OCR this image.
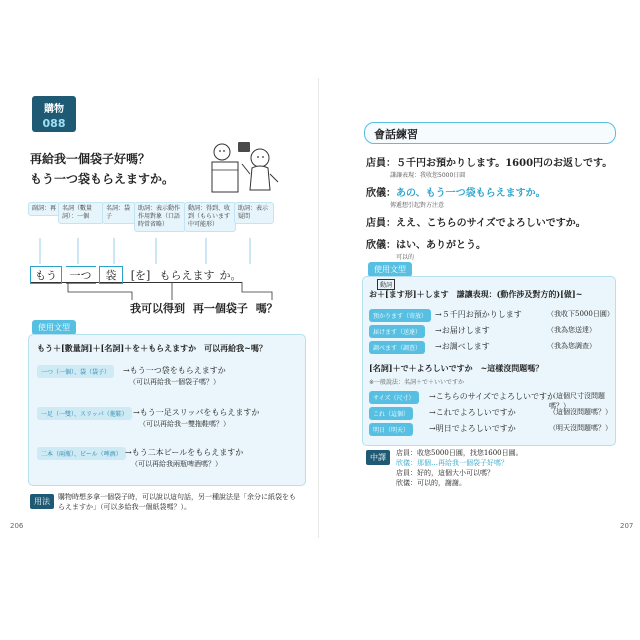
購物
088
再給我一個袋子好嗎？
もう一つ袋もらえますか。
副詞：再 名詞（數量詞）：一個
名詞：袋子
助詞：表示動作作用對象（口語時常省略）
動詞：得到、收到（もらいます中可能形）
助詞：表示疑問
もう 一つ 袋 [を] もらえます か。
我可以得到 再一個袋子 嗎？
使用文型
もう＋[數量詞]＋[名詞]＋を＋もらえますか　可以再給我~嗎？
一つ（一個）、袋（袋子）	→もう一つ袋をもらえますか
（可以再給我一個袋子嗎？）
一足（一雙）、スリッパ（拖鞋） →もう一足スリッパをもらえますか
（可以再給我一雙拖鞋嗎？）
二本（兩瓶）、ビール（啤酒） →もう二本ビールをもらえますか
（可以再給我兩瓶啤酒嗎？）
用法	購物時想多拿一個袋子時，可以說以這句話，另一種說法是「余分に紙袋をもらえますか」（可以多給我一個紙袋嗎？）。
206
會話練習
店員：５千円お預かりします。1600円のお返しです。
謙讓表現：我收您5000日圓
欣儀：あの、もう一つ袋もらえますか。
傳遞想引起對方注意
店員：ええ、こちらのサイズでよろしいですか。
欣儀：はい、ありがとう。
可以的
使用文型
動詞
お＋[ます形]＋します　謙讓表現：(動作涉及對方的)[做]~
預かります（寄放） →５千円お預かりします	（我收下5000日圓）
届けます（送達）	→お届けします	（我為您送達）
調べます（調查）	→お調べします	（我為您調查）
[名詞]＋で＋よろしいですか　~這樣沒問題嗎？
※一般說法：名詞＋で＋いいですか
サイズ（尺寸）	→こちらのサイズでよろしいですか
（這個尺寸沒問題嗎？）
これ（這個）	→これでよろしいですか	（這個沒問題嗎？）
明日（明天）	→明日でよろしいですか	（明天沒問題嗎？）
中譯	店員：收您5000日圓，找您1600日圓。
欣儀：那個…再給我一個袋子好嗎？
店員：好的，這個大小可以嗎？
欣儀：可以的，謝謝。
207
